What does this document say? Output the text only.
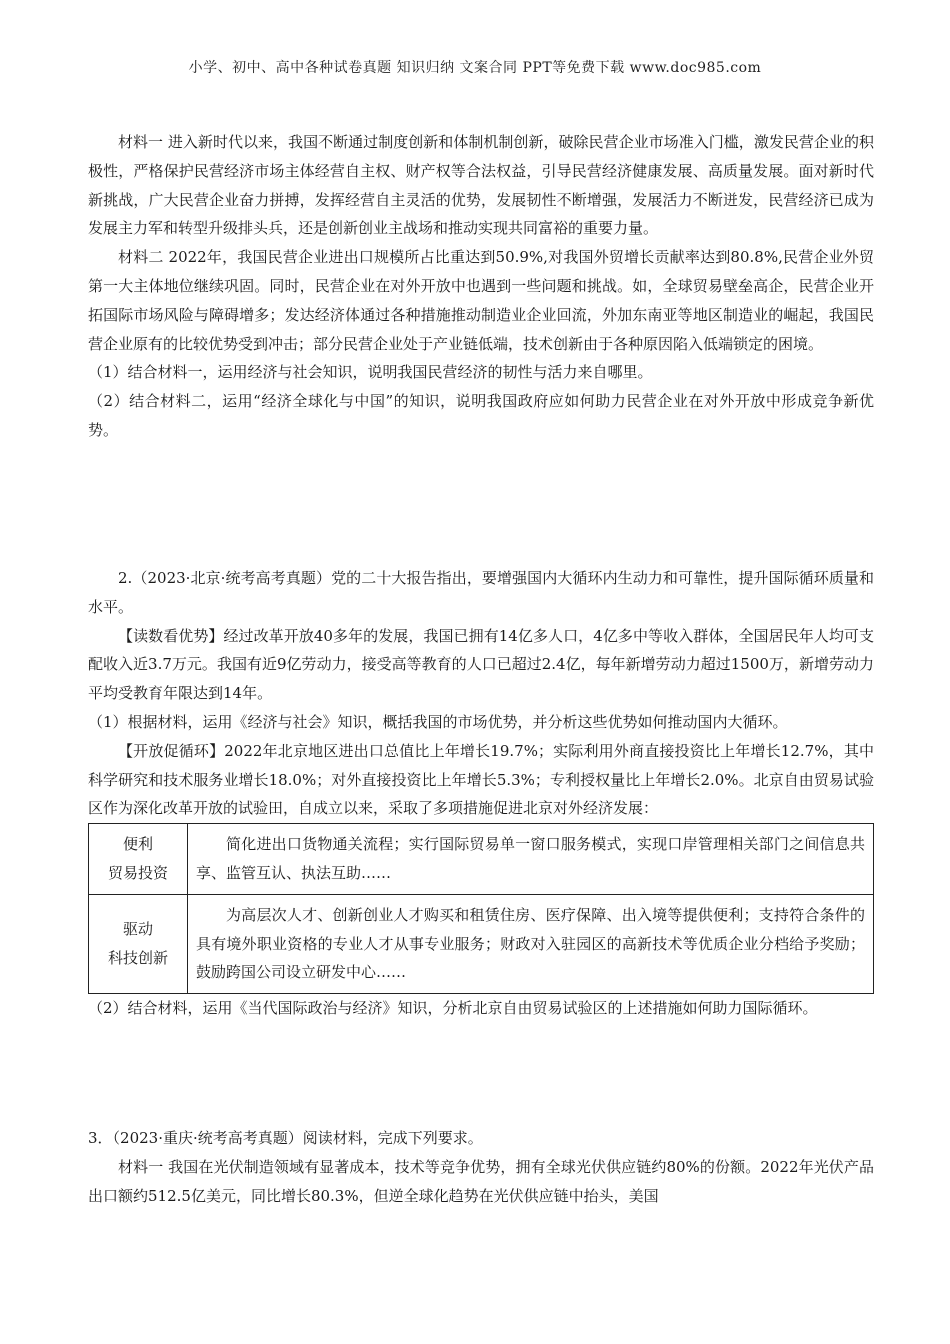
小学、初中、高中各种试卷真题 知识归纳 文案合同 PPT等免费下载 www.doc985.com

材料一 进入新时代以来，我国不断通过制度创新和体制机制创新，破除民营企业市场准入门槛，激发民营企业的积极性，严格保护民营经济市场主体经营自主权、财产权等合法权益，引导民营经济健康发展、高质量发展。面对新时代新挑战，广大民营企业奋力拼搏，发挥经营自主灵活的优势，发展韧性不断增强，发展活力不断迸发，民营经济已成为发展主力军和转型升级排头兵，还是创新创业主战场和推动实现共同富裕的重要力量。

材料二 2022年，我国民营企业进出口规模所占比重达到50.9%,对我国外贸增长贡献率达到80.8%,民营企业外贸第一大主体地位继续巩固。同时，民营企业在对外开放中也遇到一些问题和挑战。如，全球贸易壁垒高企，民营企业开拓国际市场风险与障碍增多；发达经济体通过各种措施推动制造业企业回流，外加东南亚等地区制造业的崛起，我国民营企业原有的比较优势受到冲击；部分民营企业处于产业链低端，技术创新由于各种原因陷入低端锁定的困境。

（1）结合材料一，运用经济与社会知识，说明我国民营经济的韧性与活力来自哪里。

（2）结合材料二，运用“经济全球化与中国”的知识，说明我国政府应如何助力民营企业在对外开放中形成竞争新优势。

2.（2023·北京·统考高考真题）党的二十大报告指出，要增强国内大循环内生动力和可靠性，提升国际循环质量和水平。

【读数看优势】经过改革开放40多年的发展，我国已拥有14亿多人口，4亿多中等收入群体，全国居民年人均可支配收入近3.7万元。我国有近9亿劳动力，接受高等教育的人口已超过2.4亿，每年新增劳动力超过1500万，新增劳动力平均受教育年限达到14年。

（1）根据材料，运用《经济与社会》知识，概括我国的市场优势，并分析这些优势如何推动国内大循环。

【开放促循环】2022年北京地区进出口总值比上年增长19.7%；实际利用外商直接投资比上年增长12.7%，其中科学研究和技术服务业增长18.0%；对外直接投资比上年增长5.3%；专利授权量比上年增长2.0%。北京自由贸易试验区作为深化改革开放的试验田，自成立以来，采取了多项措施促进北京对外经济发展：

便利
贸易投资	简化进出口货物通关流程；实行国际贸易单一窗口服务模式，实现口岸管理相关部门之间信息共享、监管互认、执法互助……
驱动
科技创新	为高层次人才、创新创业人才购买和租赁住房、医疗保障、出入境等提供便利；支持符合条件的具有境外职业资格的专业人才从事专业服务；财政对入驻园区的高新技术等优质企业分档给予奖励；鼓励跨国公司设立研发中心……

（2）结合材料，运用《当代国际政治与经济》知识，分析北京自由贸易试验区的上述措施如何助力国际循环。

3．（2023·重庆·统考高考真题）阅读材料，完成下列要求。

材料一 我国在光伏制造领域有显著成本，技术等竞争优势，拥有全球光伏供应链约80%的份额。2022年光伏产品出口额约512.5亿美元，同比增长80.3%，但逆全球化趋势在光伏供应链中抬头，美国
